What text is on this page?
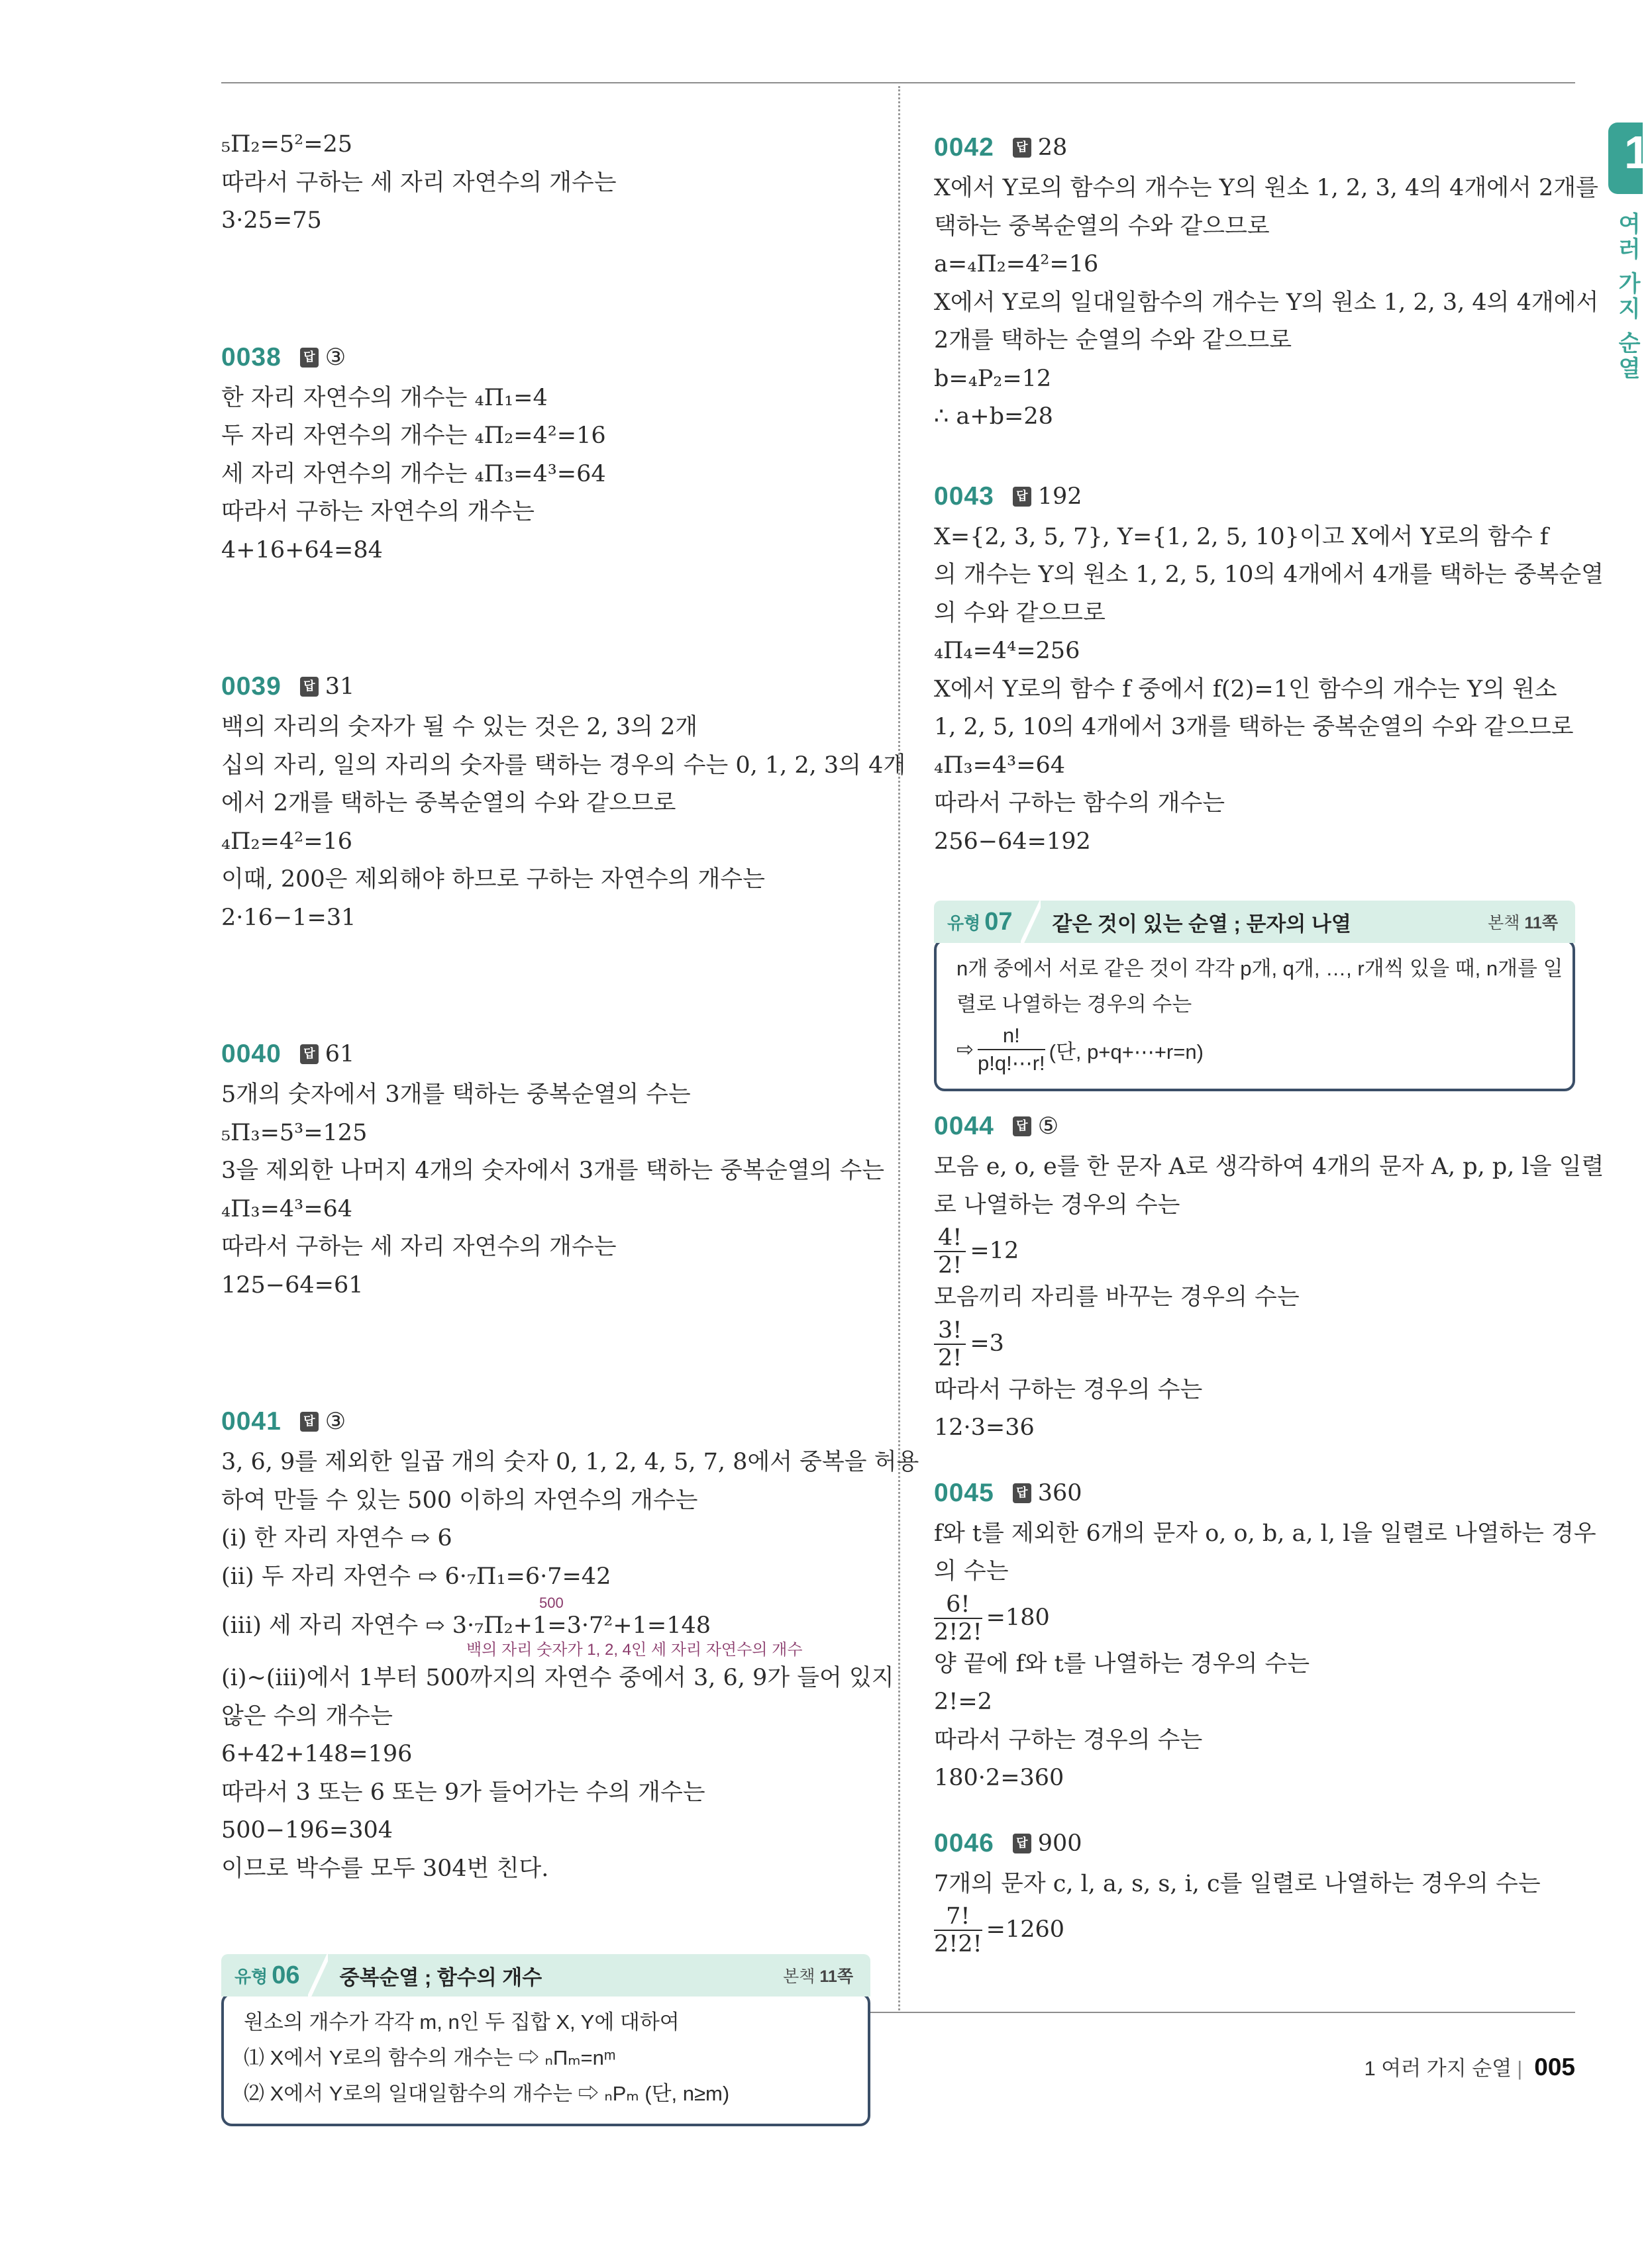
1
여
러
가
지
순
열
₅Π₂=5²=25
따라서 구하는 세 자리 자연수의 개수는
3·25=75
0038 답 ③
한 자리 자연수의 개수는 ₄Π₁=4
두 자리 자연수의 개수는 ₄Π₂=4²=16
세 자리 자연수의 개수는 ₄Π₃=4³=64
따라서 구하는 자연수의 개수는
4+16+64=84
0039 답 31
백의 자리의 숫자가 될 수 있는 것은 2, 3의 2개
십의 자리, 일의 자리의 숫자를 택하는 경우의 수는 0, 1, 2, 3의 4개
에서 2개를 택하는 중복순열의 수와 같으므로
₄Π₂=4²=16
이때, 200은 제외해야 하므로 구하는 자연수의 개수는
2·16−1=31
0040 답 61
5개의 숫자에서 3개를 택하는 중복순열의 수는
₅Π₃=5³=125
3을 제외한 나머지 4개의 숫자에서 3개를 택하는 중복순열의 수는
₄Π₃=4³=64
따라서 구하는 세 자리 자연수의 개수는
125−64=61
0041 답 ③
3, 6, 9를 제외한 일곱 개의 숫자 0, 1, 2, 4, 5, 7, 8에서 중복을 허용
하여 만들 수 있는 500 이하의 자연수의 개수는
(ⅰ) 한 자리 자연수 ⇨ 6
(ⅱ) 두 자리 자연수 ⇨ 6·₇Π₁=6·7=42
500
(ⅲ) 세 자리 자연수 ⇨ 3·₇Π₂+1=3·7²+1=148
백의 자리 숫자가 1, 2, 4인 세 자리 자연수의 개수
(ⅰ)~(ⅲ)에서 1부터 500까지의 자연수 중에서 3, 6, 9가 들어 있지
않은 수의 개수는
6+42+148=196
따라서 3 또는 6 또는 9가 들어가는 수의 개수는
500−196=304
이므로 박수를 모두 304번 친다.
유형 06 중복순열 ; 함수의 개수	본책 11쪽
원소의 개수가 각각 m, n인 두 집합 X, Y에 대하여
⑴ X에서 Y로의 함수의 개수는 ⇨ ₙΠₘ=nᵐ
⑵ X에서 Y로의 일대일함수의 개수는 ⇨ ₙPₘ (단, n≥m)
0042 답 28
X에서 Y로의 함수의 개수는 Y의 원소 1, 2, 3, 4의 4개에서 2개를
택하는 중복순열의 수와 같으므로
a=₄Π₂=4²=16
X에서 Y로의 일대일함수의 개수는 Y의 원소 1, 2, 3, 4의 4개에서
2개를 택하는 순열의 수와 같으므로
b=₄P₂=12
∴ a+b=28
0043 답 192
X={2, 3, 5, 7}, Y={1, 2, 5, 10}이고 X에서 Y로의 함수 f
의 개수는 Y의 원소 1, 2, 5, 10의 4개에서 4개를 택하는 중복순열
의 수와 같으므로
₄Π₄=4⁴=256
X에서 Y로의 함수 f 중에서 f(2)=1인 함수의 개수는 Y의 원소
1, 2, 5, 10의 4개에서 3개를 택하는 중복순열의 수와 같으므로
₄Π₃=4³=64
따라서 구하는 함수의 개수는
256−64=192
유형 07 같은 것이 있는 순열 ; 문자의 나열	본책 11쪽
n개 중에서 서로 같은 것이 각각 p개, q개, …, r개씩 있을 때, n개를 일
렬로 나열하는 경우의 수는
⇨ $\frac{n!}{p!q!\cdots r!}$ (단, p+q+⋯+r=n)
0044 답 ⑤
모음 e, o, e를 한 문자 A로 생각하여 4개의 문자 A, p, p, l을 일렬
로 나열하는 경우의 수는
$\frac{4!}{2!} =12$
모음끼리 자리를 바꾸는 경우의 수는
$\frac{3!}{2!} =3$
따라서 구하는 경우의 수는
12·3=36
0045 답 360
f와 t를 제외한 6개의 문자 o, o, b, a, l, l을 일렬로 나열하는 경우
의 수는
$\frac{6!}{2!2!} =180$
양 끝에 f와 t를 나열하는 경우의 수는
2!=2
따라서 구하는 경우의 수는
180·2=360
0046 답 900
7개의 문자 c, l, a, s, s, i, c를 일렬로 나열하는 경우의 수는
$\frac{7!}{2!2!} =1260$
1 여러 가지 순열 | 005
